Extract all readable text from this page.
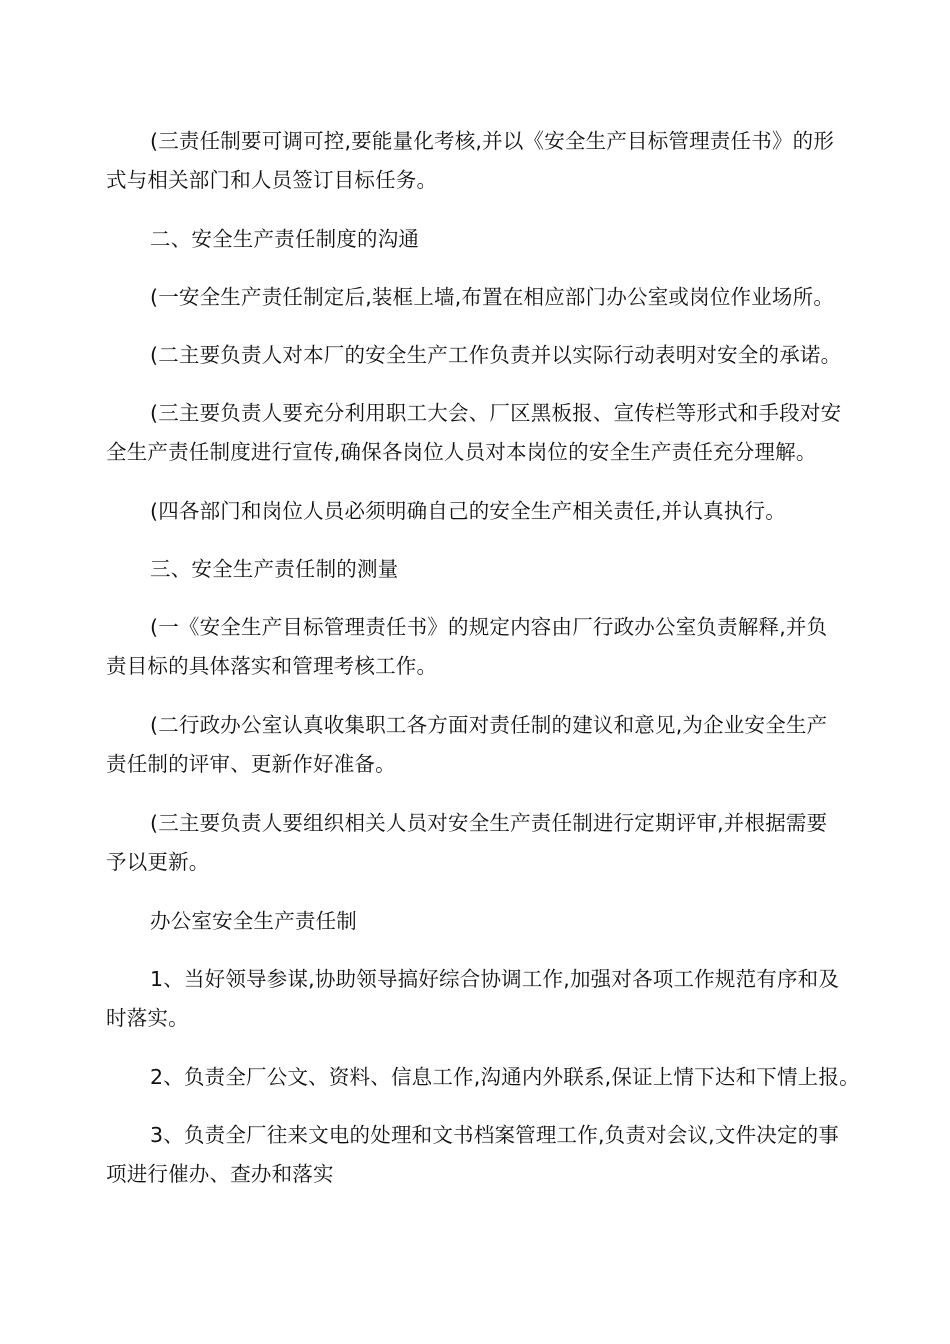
(三责任制要可调可控,要能量化考核,并以《安全生产目标管理责任书》的形式与相关部门和人员签订目标任务。

二、安全生产责任制度的沟通

(一安全生产责任制定后,装框上墙,布置在相应部门办公室或岗位作业场所。

(二主要负责人对本厂的安全生产工作负责并以实际行动表明对安全的承诺。

(三主要负责人要充分利用职工大会、厂区黑板报、宣传栏等形式和手段对安全生产责任制度进行宣传,确保各岗位人员对本岗位的安全生产责任充分理解。

(四各部门和岗位人员必须明确自己的安全生产相关责任,并认真执行。

三、安全生产责任制的测量

(一《安全生产目标管理责任书》的规定内容由厂行政办公室负责解释,并负责目标的具体落实和管理考核工作。

(二行政办公室认真收集职工各方面对责任制的建议和意见,为企业安全生产责任制的评审、更新作好准备。

(三主要负责人要组织相关人员对安全生产责任制进行定期评审,并根据需要予以更新。

办公室安全生产责任制

1、当好领导参谋,协助领导搞好综合协调工作,加强对各项工作规范有序和及时落实。

2、负责全厂公文、资料、信息工作,沟通内外联系,保证上情下达和下情上报。

3、负责全厂往来文电的处理和文书档案管理工作,负责对会议,文件决定的事项进行催办、查办和落实
